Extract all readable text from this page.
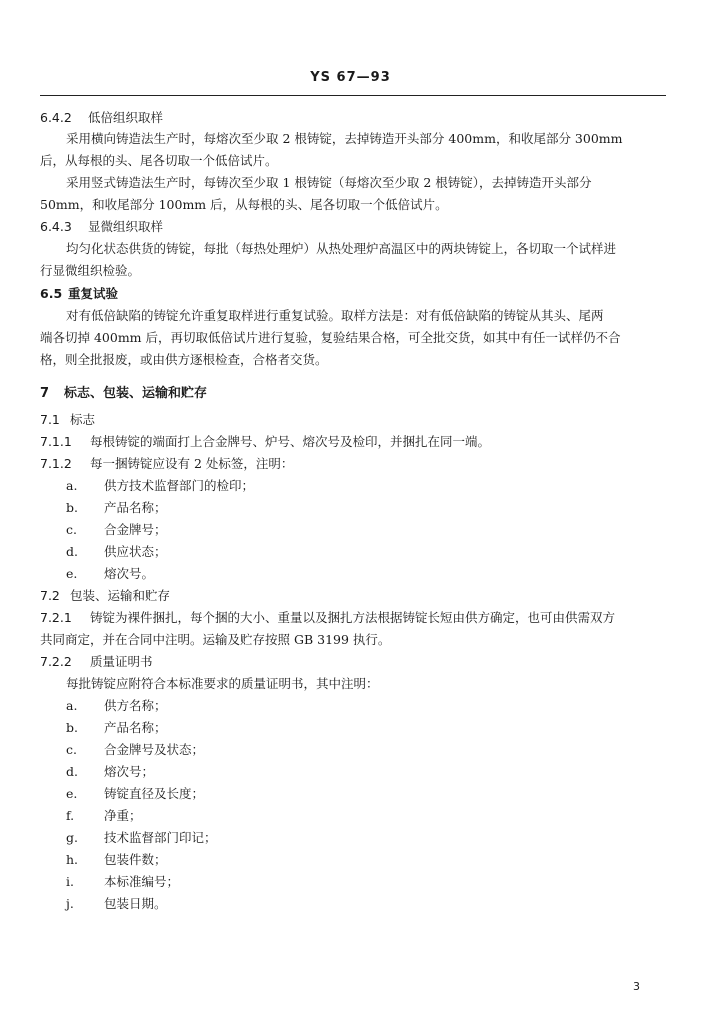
YS 67—93
6.4.2 低倍组织取样
采用横向铸造法生产时，每熔次至少取 2 根铸锭，去掉铸造开头部分 400mm，和收尾部分 300mm
后，从每根的头、尾各切取一个低倍试片。
采用竖式铸造法生产时，每铸次至少取 1 根铸锭（每熔次至少取 2 根铸锭），去掉铸造开头部分
50mm，和收尾部分 100mm 后，从每根的头、尾各切取一个低倍试片。
6.4.3 显微组织取样
均匀化状态供货的铸锭，每批（每热处理炉）从热处理炉高温区中的两块铸锭上，各切取一个试样进
行显微组织检验。
6.5 重复试验
对有低倍缺陷的铸锭允许重复取样进行重复试验。取样方法是：对有低倍缺陷的铸锭从其头、尾两
端各切掉 400mm 后，再切取低倍试片进行复验，复验结果合格，可全批交货，如其中有任一试样仍不合
格，则全批报废，或由供方逐根检查，合格者交货。
7 标志、包装、运输和贮存
7.1 标志
7.1.1 每根铸锭的端面打上合金牌号、炉号、熔次号及检印，并捆扎在同一端。
7.1.2 每一捆铸锭应设有 2 处标签，注明：
a. 供方技术监督部门的检印；
b. 产品名称；
c. 合金牌号；
d. 供应状态；
e. 熔次号。
7.2 包装、运输和贮存
7.2.1 铸锭为裸件捆扎，每个捆的大小、重量以及捆扎方法根据铸锭长短由供方确定，也可由供需双方
共同商定，并在合同中注明。运输及贮存按照 GB 3199 执行。
7.2.2 质量证明书
每批铸锭应附符合本标准要求的质量证明书，其中注明：
a. 供方名称；
b. 产品名称；
c. 合金牌号及状态；
d. 熔次号；
e. 铸锭直径及长度；
f. 净重；
g. 技术监督部门印记；
h. 包装件数；
i. 本标准编号；
j. 包装日期。
3
